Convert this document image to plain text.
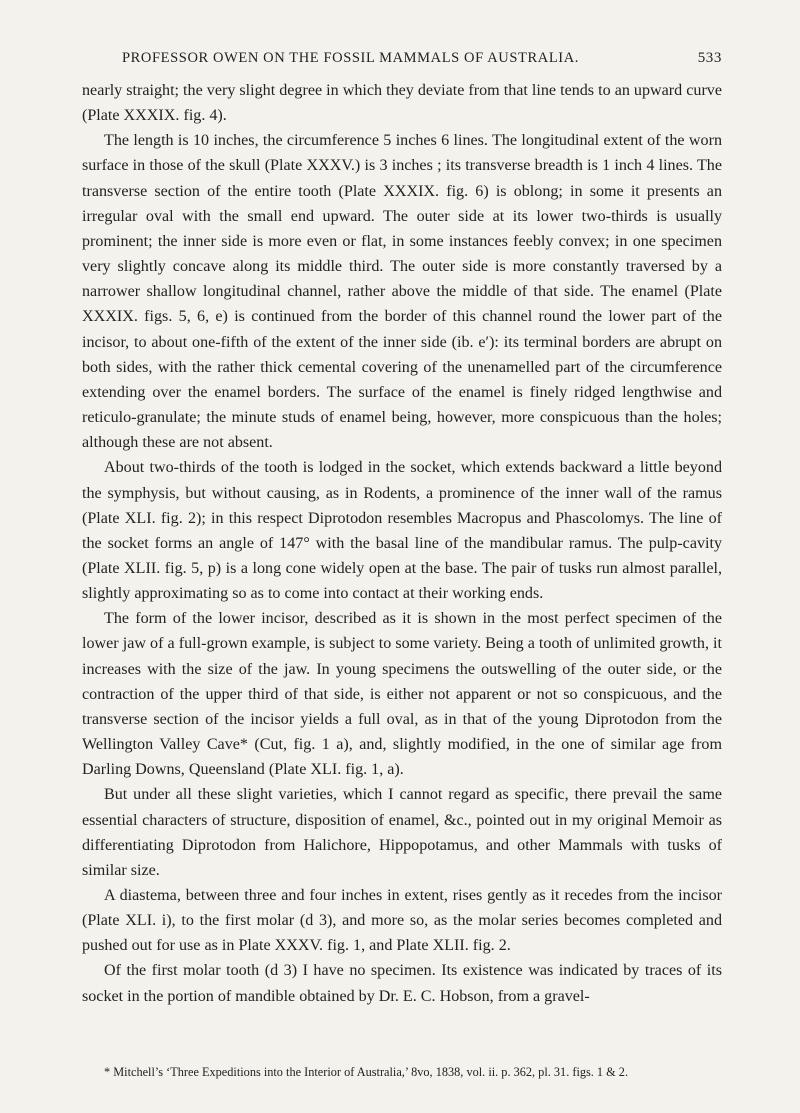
PROFESSOR OWEN ON THE FOSSIL MAMMALS OF AUSTRALIA.	533

nearly straight; the very slight degree in which they deviate from that line tends to an upward curve (Plate XXXIX. fig. 4).

The length is 10 inches, the circumference 5 inches 6 lines. The longitudinal extent of the worn surface in those of the skull (Plate XXXV.) is 3 inches ; its transverse breadth is 1 inch 4 lines. The transverse section of the entire tooth (Plate XXXIX. fig. 6) is oblong; in some it presents an irregular oval with the small end upward. The outer side at its lower two-thirds is usually prominent; the inner side is more even or flat, in some instances feebly convex; in one specimen very slightly concave along its middle third. The outer side is more constantly traversed by a narrower shallow longitudinal channel, rather above the middle of that side. The enamel (Plate XXXIX. figs. 5, 6, e) is continued from the border of this channel round the lower part of the incisor, to about one-fifth of the extent of the inner side (ib. e′): its terminal borders are abrupt on both sides, with the rather thick cemental covering of the unenamelled part of the circumference extending over the enamel borders. The surface of the enamel is finely ridged lengthwise and reticulo-granulate; the minute studs of enamel being, however, more conspicuous than the holes; although these are not absent.

About two-thirds of the tooth is lodged in the socket, which extends backward a little beyond the symphysis, but without causing, as in Rodents, a prominence of the inner wall of the ramus (Plate XLI. fig. 2); in this respect Diprotodon resembles Macropus and Phascolomys. The line of the socket forms an angle of 147° with the basal line of the mandibular ramus. The pulp-cavity (Plate XLII. fig. 5, p) is a long cone widely open at the base. The pair of tusks run almost parallel, slightly approximating so as to come into contact at their working ends.

The form of the lower incisor, described as it is shown in the most perfect specimen of the lower jaw of a full-grown example, is subject to some variety. Being a tooth of unlimited growth, it increases with the size of the jaw. In young specimens the outswelling of the outer side, or the contraction of the upper third of that side, is either not apparent or not so conspicuous, and the transverse section of the incisor yields a full oval, as in that of the young Diprotodon from the Wellington Valley Cave* (Cut, fig. 1 a), and, slightly modified, in the one of similar age from Darling Downs, Queensland (Plate XLI. fig. 1, a).

But under all these slight varieties, which I cannot regard as specific, there prevail the same essential characters of structure, disposition of enamel, &c., pointed out in my original Memoir as differentiating Diprotodon from Halichore, Hippopotamus, and other Mammals with tusks of similar size.

A diastema, between three and four inches in extent, rises gently as it recedes from the incisor (Plate XLI. i), to the first molar (d 3), and more so, as the molar series becomes completed and pushed out for use as in Plate XXXV. fig. 1, and Plate XLII. fig. 2.

Of the first molar tooth (d 3) I have no specimen. Its existence was indicated by traces of its socket in the portion of mandible obtained by Dr. E. C. Hobson, from a gravel-

* Mitchell’s ‘Three Expeditions into the Interior of Australia,’ 8vo, 1838, vol. ii. p. 362, pl. 31. figs. 1 & 2.
